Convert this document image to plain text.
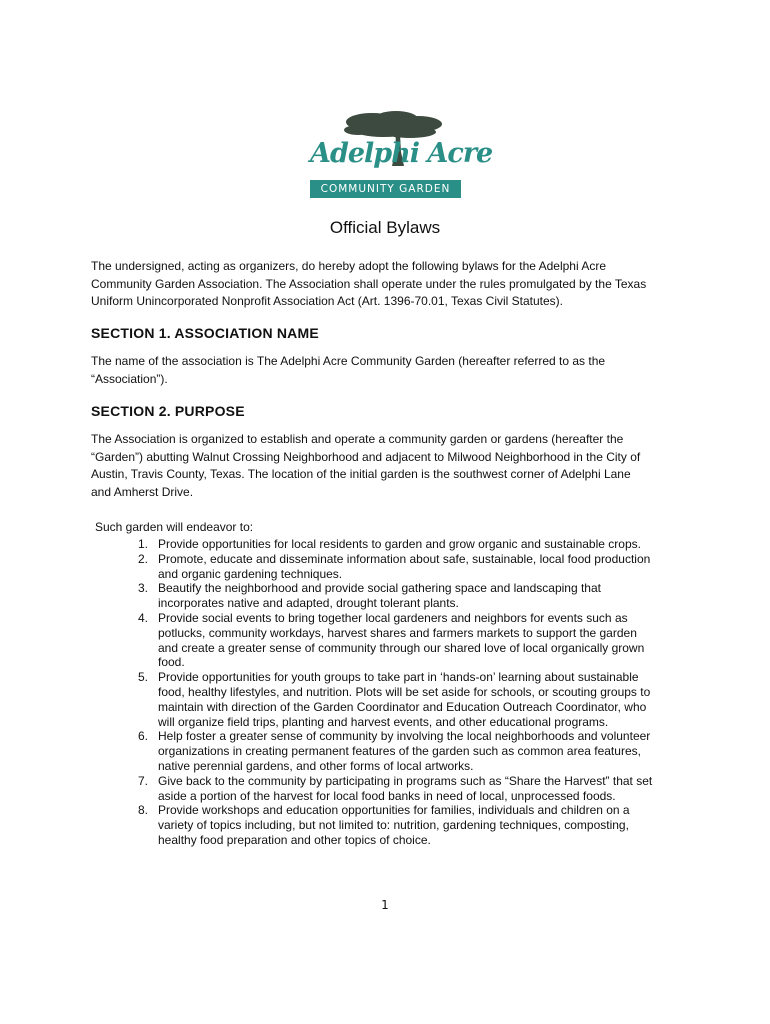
Adelphi Acre
COMMUNITY GARDEN
Official Bylaws

The undersigned, acting as organizers, do hereby adopt the following bylaws for the Adelphi Acre
Community Garden Association. The Association shall operate under the rules promulgated by the Texas
Uniform Unincorporated Nonprofit Association Act (Art. 1396-70.01, Texas Civil Statutes).

SECTION 1. ASSOCIATION NAME

The name of the association is The Adelphi Acre Community Garden (hereafter referred to as the
“Association”).

SECTION 2. PURPOSE

The Association is organized to establish and operate a community garden or gardens (hereafter the
“Garden”) abutting Walnut Crossing Neighborhood and adjacent to Milwood Neighborhood in the City of
Austin, Travis County, Texas. The location of the initial garden is the southwest corner of Adelphi Lane
and Amherst Drive.

Such garden will endeavor to:
1. Provide opportunities for local residents to garden and grow organic and sustainable crops.
2. Promote, educate and disseminate information about safe, sustainable, local food production
and organic gardening techniques.
3. Beautify the neighborhood and provide social gathering space and landscaping that
incorporates native and adapted, drought tolerant plants.
4. Provide social events to bring together local gardeners and neighbors for events such as
potlucks, community workdays, harvest shares and farmers markets to support the garden
and create a greater sense of community through our shared love of local organically grown
food.
5. Provide opportunities for youth groups to take part in ‘hands-on’ learning about sustainable
food, healthy lifestyles, and nutrition. Plots will be set aside for schools, or scouting groups to
maintain with direction of the Garden Coordinator and Education Outreach Coordinator, who
will organize field trips, planting and harvest events, and other educational programs.
6. Help foster a greater sense of community by involving the local neighborhoods and volunteer
organizations in creating permanent features of the garden such as common area features,
native perennial gardens, and other forms of local artworks.
7. Give back to the community by participating in programs such as “Share the Harvest” that set
aside a portion of the harvest for local food banks in need of local, unprocessed foods.
8. Provide workshops and education opportunities for families, individuals and children on a
variety of topics including, but not limited to: nutrition, gardening techniques, composting,
healthy food preparation and other topics of choice.
1
